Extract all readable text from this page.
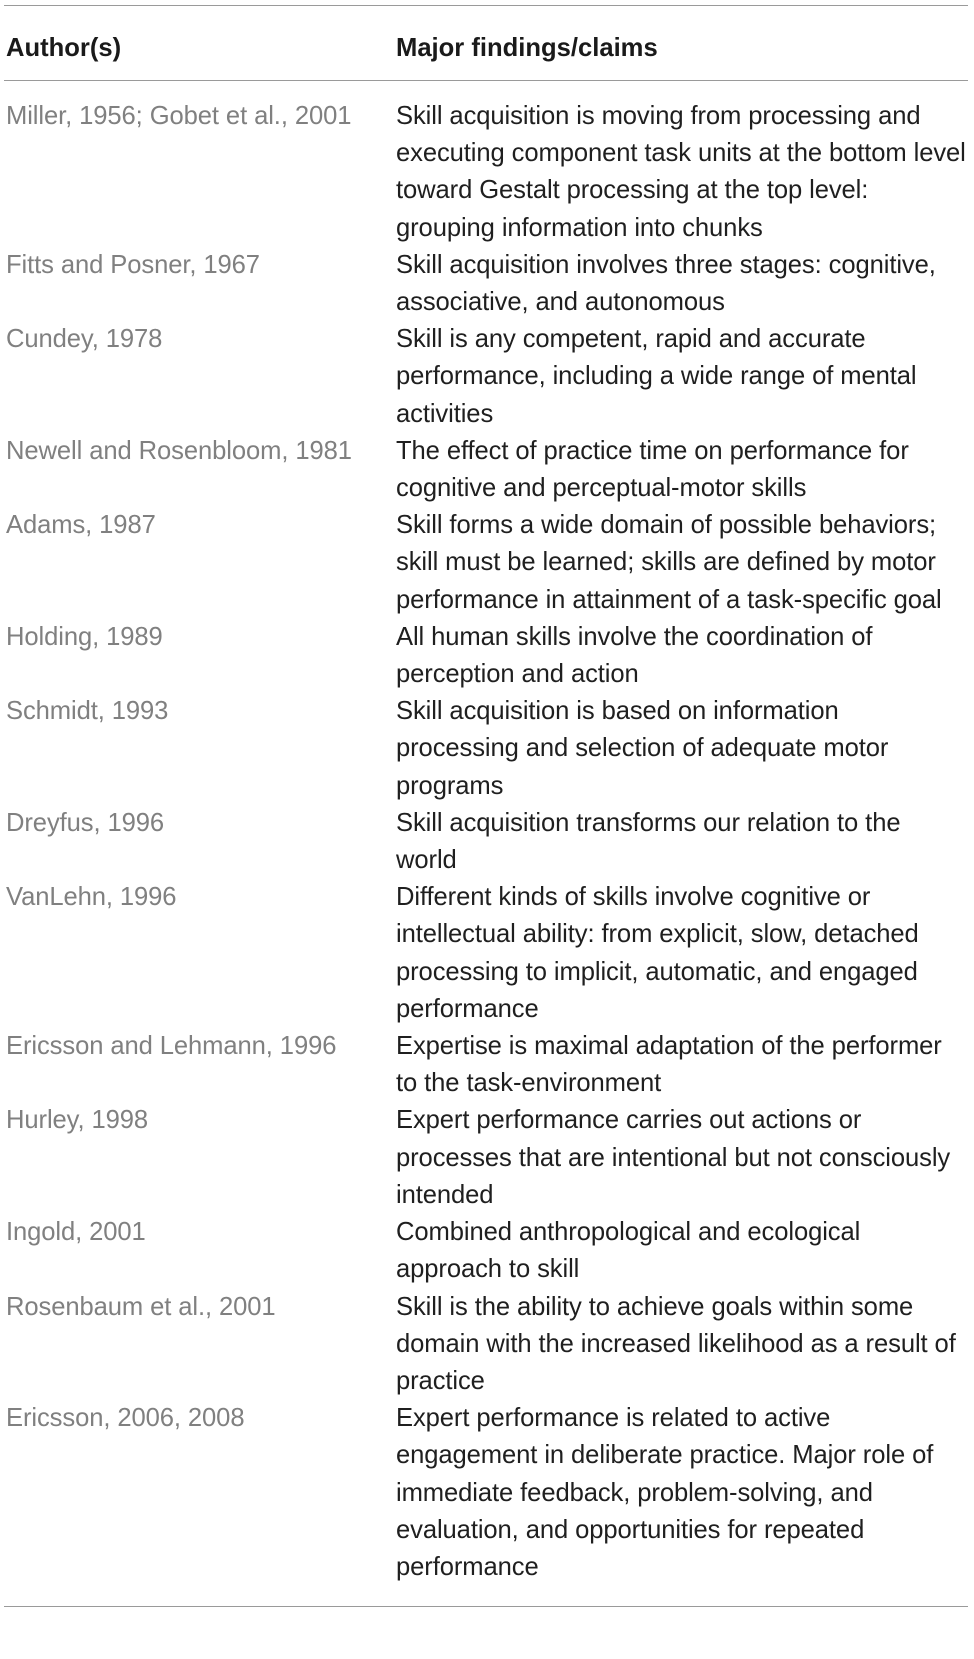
Author(s)	Major findings/claims
Miller, 1956; Gobet et al., 2001	Skill acquisition is moving from processing and executing component task units at the bottom level toward Gestalt processing at the top level: grouping information into chunks
Fitts and Posner, 1967	Skill acquisition involves three stages: cognitive, associative, and autonomous
Cundey, 1978	Skill is any competent, rapid and accurate performance, including a wide range of mental activities
Newell and Rosenbloom, 1981	The effect of practice time on performance for cognitive and perceptual-motor skills
Adams, 1987	Skill forms a wide domain of possible behaviors; skill must be learned; skills are defined by motor performance in attainment of a task-specific goal
Holding, 1989	All human skills involve the coordination of perception and action
Schmidt, 1993	Skill acquisition is based on information processing and selection of adequate motor programs
Dreyfus, 1996	Skill acquisition transforms our relation to the world
VanLehn, 1996	Different kinds of skills involve cognitive or intellectual ability: from explicit, slow, detached processing to implicit, automatic, and engaged performance
Ericsson and Lehmann, 1996	Expertise is maximal adaptation of the performer to the task-environment
Hurley, 1998	Expert performance carries out actions or processes that are intentional but not consciously intended
Ingold, 2001	Combined anthropological and ecological approach to skill
Rosenbaum et al., 2001	Skill is the ability to achieve goals within some domain with the increased likelihood as a result of practice
Ericsson, 2006, 2008	Expert performance is related to active engagement in deliberate practice. Major role of immediate feedback, problem-solving, and evaluation, and opportunities for repeated performance
